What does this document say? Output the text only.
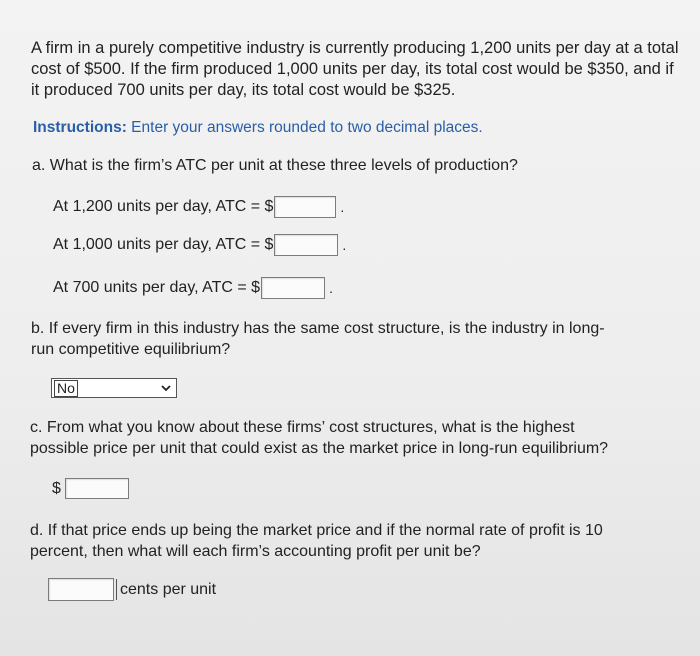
A firm in a purely competitive industry is currently producing 1,200 units per day at a total cost of $500. If the firm produced 1,000 units per day, its total cost would be $350, and if it produced 700 units per day, its total cost would be $325.

Instructions: Enter your answers rounded to two decimal places.

a. What is the firm’s ATC per unit at these three levels of production?

At 1,200 units per day, ATC = $	.
At 1,000 units per day, ATC = $	.
At 700 units per day, ATC = $	.

b. If every firm in this industry has the same cost structure, is the industry in long-

run competitive equilibrium?

No

c. From what you know about these firms’ cost structures, what is the highest

possible price per unit that could exist as the market price in long-run equilibrium?

$

d. If that price ends up being the market price and if the normal rate of profit is 10

percent, then what will each firm’s accounting profit per unit be?

cents per unit
